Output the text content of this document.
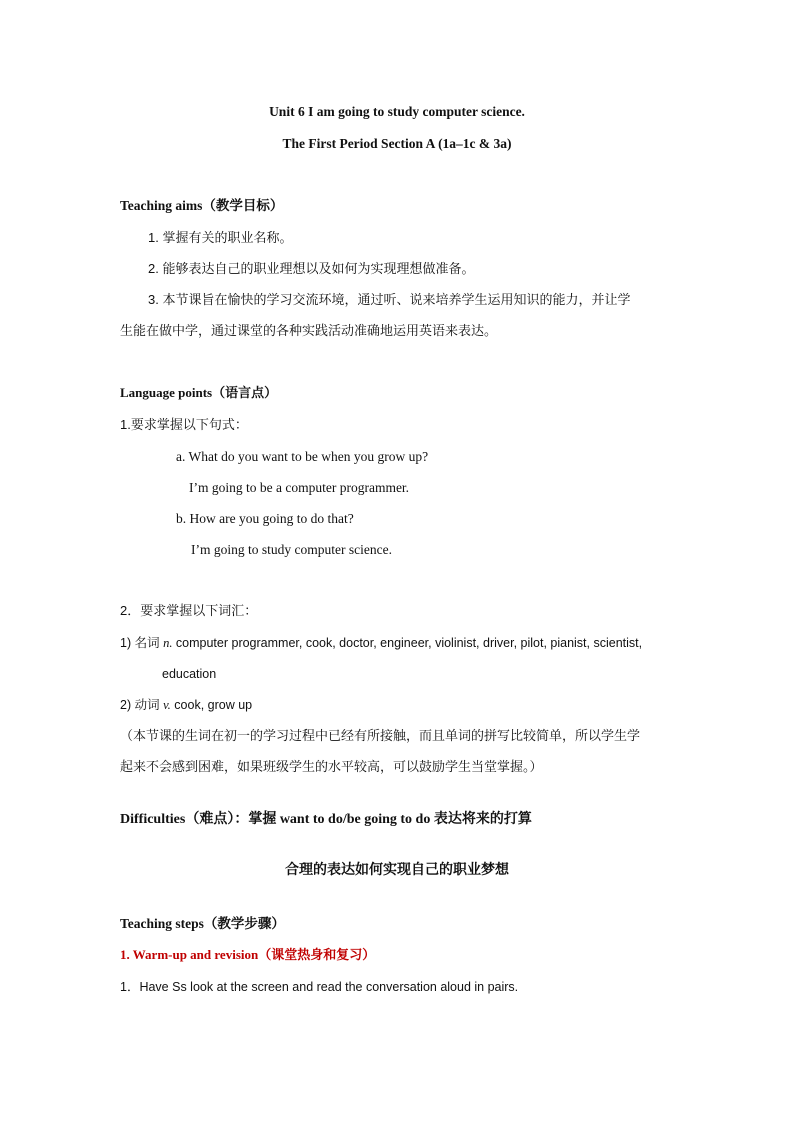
Unit 6 I am going to study computer science.
The First Period Section A (1a–1c & 3a)
Teaching aims（教学目标）
1. 掌握有关的职业名称。
2. 能够表达自己的职业理想以及如何为实现理想做准备。
3. 本节课旨在愉快的学习交流环境，通过听、说来培养学生运用知识的能力，并让学
生能在做中学，通过课堂的各种实践活动准确地运用英语来表达。
Language points（语言点）
1.要求掌握以下句式：
a. What do you want to be when you grow up?
I’m going to be a computer programmer.
b. How are you going to do that?
I’m going to study computer science.
2．要求掌握以下词汇：
1) 名词 n. computer programmer, cook, doctor, engineer, violinist, driver, pilot, pianist, scientist,
education
2) 动词 v. cook, grow up
（本节课的生词在初一的学习过程中已经有所接触，而且单词的拼写比较简单，所以学生学
起来不会感到困难，如果班级学生的水平较高，可以鼓励学生当堂掌握。）
Difficulties（难点）：掌握 want to do/be going to do 表达将来的打算
合理的表达如何实现自己的职业梦想
Teaching steps（教学步骤）
1. Warm-up and revision（课堂热身和复习）
1．Have Ss look at the screen and read the conversation aloud in pairs.
